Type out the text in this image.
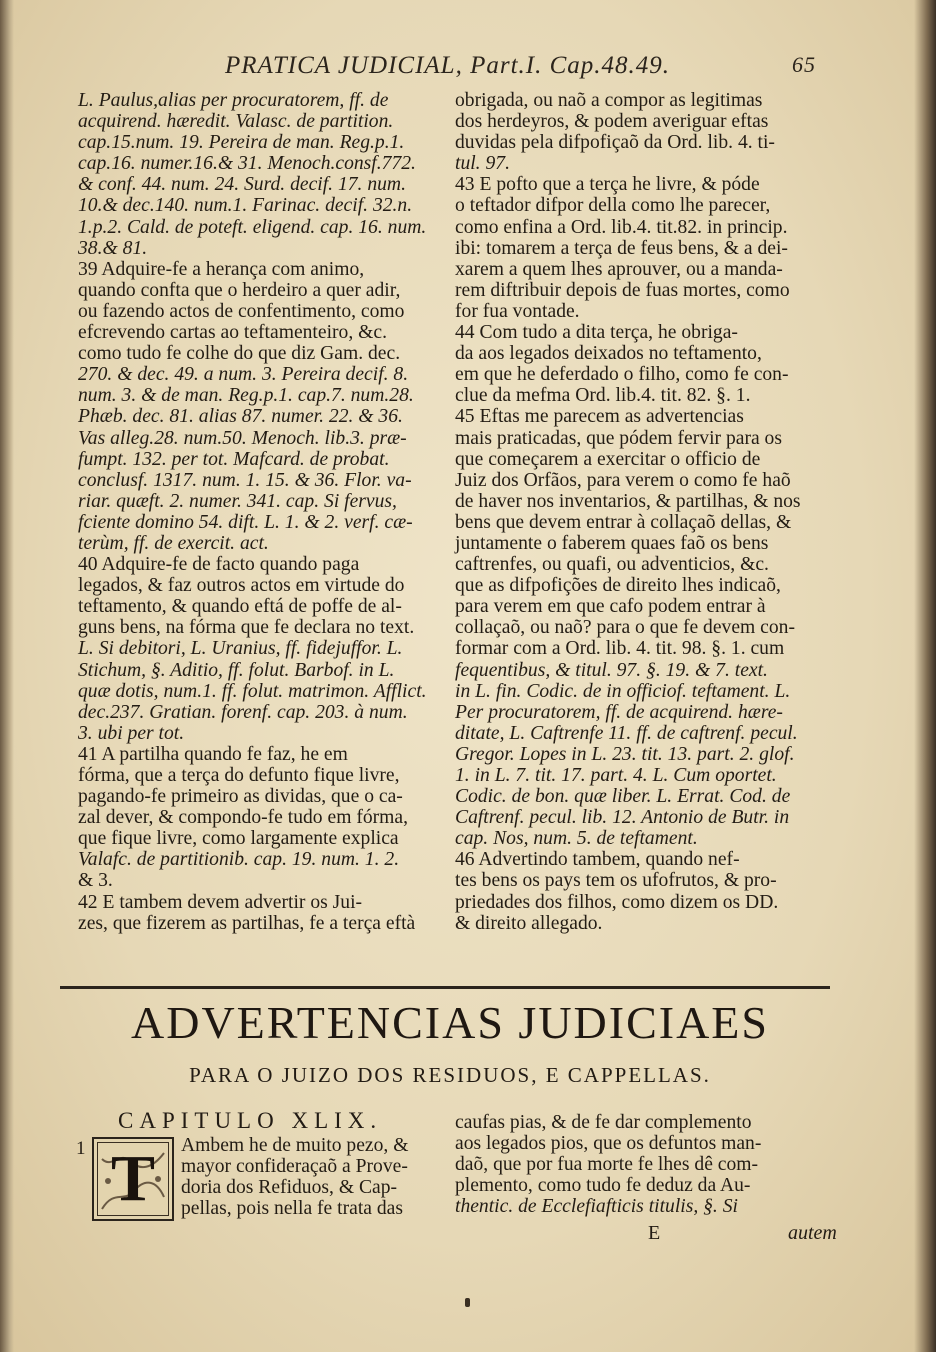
PRATICA JUDICIAL, Part.I. Cap.48.49.	65

L. Paulus,alias per procuratorem, ff. de

acquirend. hæredit. Valasc. de partition.

cap.15.num. 19. Pereira de man. Reg.p.1.

cap.16. numer.16.& 31. Menoch.consf.772.

& conf. 44. num. 24. Surd. decif. 17. num.

10.& dec.140. num.1. Farinac. decif. 32.n.

1.p.2. Cald. de poteft. eligend. cap. 16. num.

38.& 81.

39 Adquire-fe a herança com animo,

quando confta que o herdeiro a quer adir,

ou fazendo actos de confentimento, como

efcrevendo cartas ao teftamenteiro, &c.

como tudo fe colhe do que diz Gam. dec.

270. & dec. 49. a num. 3. Pereira decif. 8.

num. 3. & de man. Reg.p.1. cap.7. num.28.

Phæb. dec. 81. alias 87. numer. 22. & 36.

Vas alleg.28. num.50. Menoch. lib.3. præ-

fumpt. 132. per tot. Mafcard. de probat.

conclusf. 1317. num. 1. 15. & 36. Flor. va-

riar. quæft. 2. numer. 341. cap. Si fervus,

fciente domino 54. dift. L. 1. & 2. verf. cæ-

terùm, ff. de exercit. act.

40 Adquire-fe de facto quando paga

legados, & faz outros actos em virtude do

teftamento, & quando eftá de poffe de al-

guns bens, na fórma que fe declara no text.

L. Si debitori, L. Uranius, ff. fidejuffor. L.

Stichum, §. Aditio, ff. folut. Barbof. in L.

quæ dotis, num.1. ff. folut. matrimon. Afflict.

dec.237. Gratian. forenf. cap. 203. à num.

3. ubi per tot.

41 A partilha quando fe faz, he em

fórma, que a terça do defunto fique livre,

pagando-fe primeiro as dividas, que o ca-

zal dever, & compondo-fe tudo em fórma,

que fique livre, como largamente explica

Valafc. de partitionib. cap. 19. num. 1. 2.

& 3.

42 E tambem devem advertir os Jui-

zes, que fizerem as partilhas, fe a terça eftà

obrigada, ou naõ a compor as legitimas

dos herdeyros, & podem averiguar eftas

duvidas pela difpofiçaõ da Ord. lib. 4. ti-

tul. 97.

43 E pofto que a terça he livre, & póde

o teftador difpor della como lhe parecer,

como enfina a Ord. lib.4. tit.82. in princip.

ibi: tomarem a terça de feus bens, & a dei-

xarem a quem lhes aprouver, ou a manda-

rem diftribuir depois de fuas mortes, como

for fua vontade.

44 Com tudo a dita terça, he obriga-

da aos legados deixados no teftamento,

em que he deferdado o filho, como fe con-

clue da mefma Ord. lib.4. tit. 82. §. 1.

45 Eftas me parecem as advertencias

mais praticadas, que pódem fervir para os

que começarem a exercitar o officio de

Juiz dos Orfãos, para verem o como fe haõ

de haver nos inventarios, & partilhas, & nos

bens que devem entrar à collaçaõ dellas, &

juntamente o faberem quaes faõ os bens

caftrenfes, ou quafi, ou adventicios, &c.

que as difpofições de direito lhes indicaõ,

para verem em que cafo podem entrar à

collaçaõ, ou naõ? para o que fe devem con-

formar com a Ord. lib. 4. tit. 98. §. 1. cum

fequentibus, & titul. 97. §. 19. & 7. text.

in L. fin. Codic. de in officiof. teftament. L.

Per procuratorem, ff. de acquirend. hære-

ditate, L. Caftrenfe 11. ff. de caftrenf. pecul.

Gregor. Lopes in L. 23. tit. 13. part. 2. glof.

1. in L. 7. tit. 17. part. 4. L. Cum oportet.

Codic. de bon. quæ liber. L. Errat. Cod. de

Caftrenf. pecul. lib. 12. Antonio de Butr. in

cap. Nos, num. 5. de teftament.

46 Advertindo tambem, quando nef-

tes bens os pays tem os ufofrutos, & pro-

priedades dos filhos, como dizem os DD.

& direito allegado.

ADVERTENCIAS JUDICIAES
PARA O JUIZO DOS RESIDUOS, E CAPPELLAS.
CAPITULO XLIX.
1 T	Ambem he de muito pezo, &

mayor confideraçaõ a Prove-

doria dos Refiduos, & Cap-

pellas, pois nella fe trata das

caufas pias, & de fe dar complemento

aos legados pios, que os defuntos man-

daõ, que por fua morte fe lhes dê com-

plemento, como tudo fe deduz da Au-

thentic. de Ecclefiafticis titulis, §. Si

E	autem
